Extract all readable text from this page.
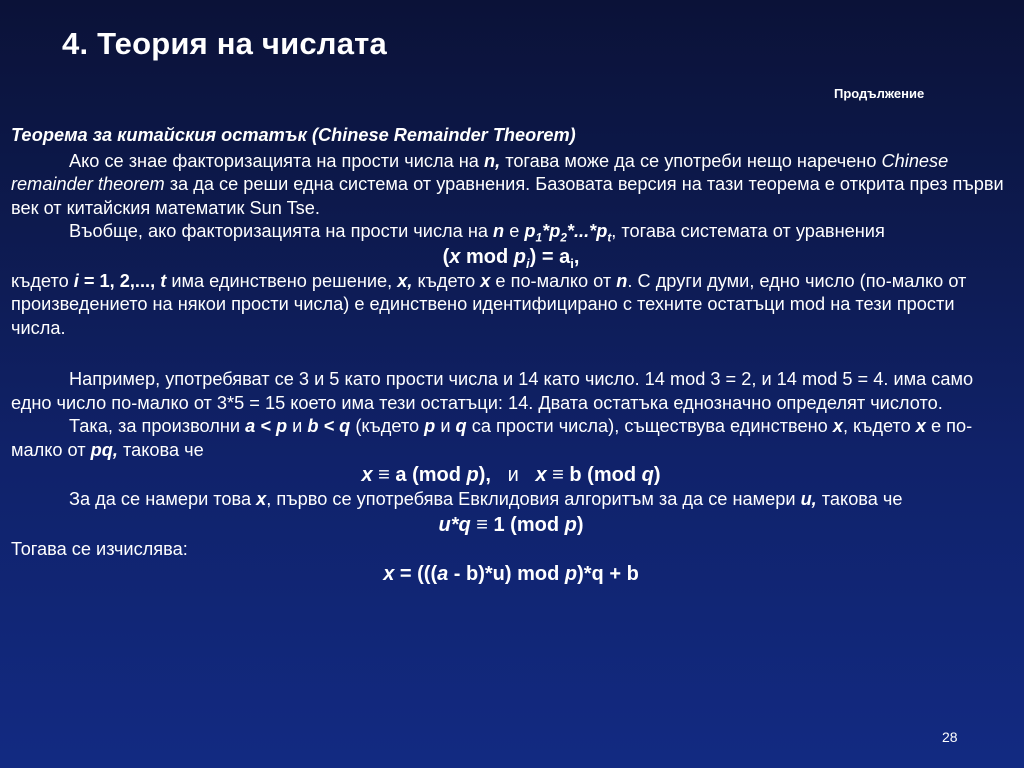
4. Теория на числата
Продължение

Теорема за китайския остатък (Chinese Remainder Theorem)

Ако се знае факторизацията на прости числа на n, тогава може да се употреби нещо наречено Chinese remainder theorem за да се реши една система от уравнения. Базовата версия на тази теорема е открита през първи век от китайския математик Sun Tse.

Въобще, ако факторизацията на прости числа на n е $p_1*p_2*...*p_t$, тогава системата от уравнения

(x mod $p_i) = a_i$,

където i = 1, 2,..., t има единствено решение, x, където x е по-малко от n. С други думи, едно число (по-малко от произведението на някои прости числа) е единствено идентифицирано с техните остатъци mod на тези прости числа.

Например, употребяват се 3 и 5 като прости числа и 14 като число. 14 mod 3 = 2, и 14 mod 5 = 4. има само едно число по-малко от 3*5 = 15 което има тези остатъци: 14. Двата остатъка еднозначно определят числото.

Така, за произволни a < p и b < q (където p и q са прости числа), съществува единствено x, където x е по-малко от pq, такова че

x ≡ a (mod p),   и   x ≡ b (mod q)

За да се намери това x, първо се употребява Евклидовия алгоритъм за да се намери u, такова че

u*q ≡ 1 (mod p)

Тогава се изчислява:

x = (((a - b)*u) mod p)*q + b

28
